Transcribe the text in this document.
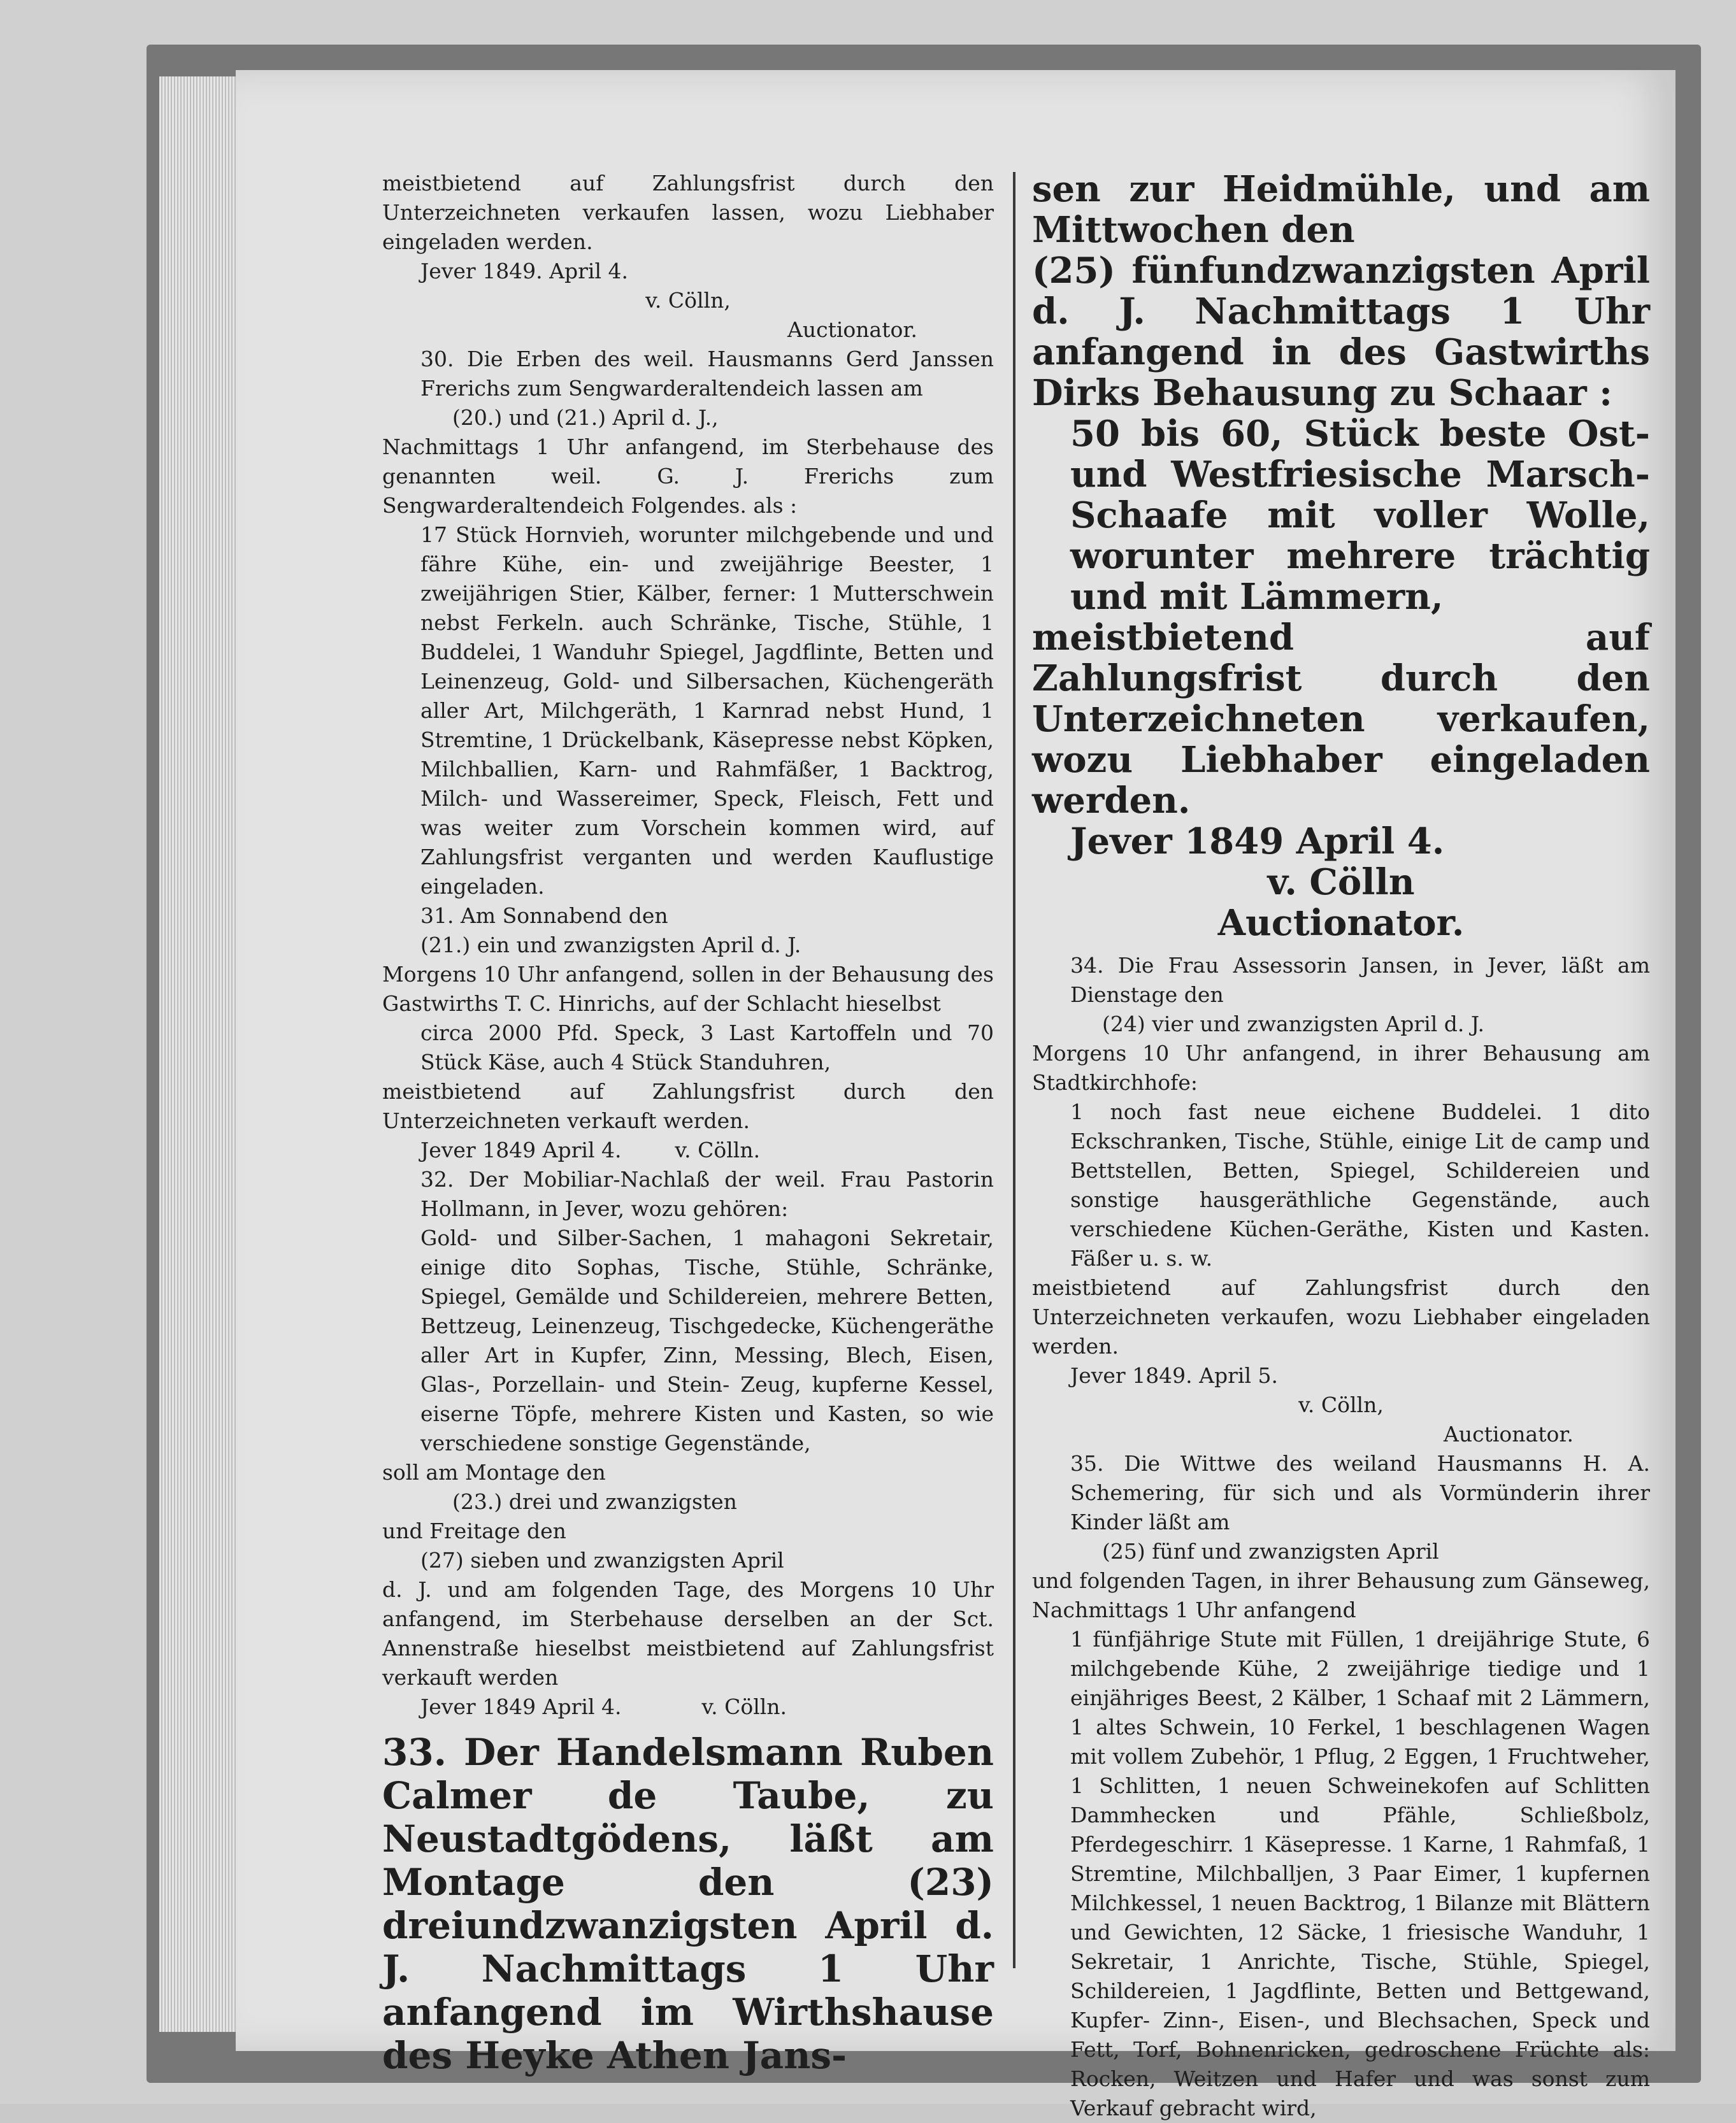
meistbietend auf Zahlungsfrist durch den Unterzeichneten verkaufen lassen, wozu Liebhaber eingeladen werden.

Jever 1849. April 4.

v. Cölln,

Auctionator.

30. Die Erben des weil. Hausmanns Gerd Janssen Frerichs zum Sengwarderaltendeich lassen am

(20.) und (21.) April d. J.,

Nachmittags 1 Uhr anfangend, im Sterbehause des genannten weil. G. J. Frerichs zum Sengwarderaltendeich Folgendes. als :

17 Stück Hornvieh, worunter milchgebende und und fähre Kühe, ein- und zweijährige Beester, 1 zweijährigen Stier, Kälber, ferner: 1 Mutterschwein nebst Ferkeln. auch Schränke, Tische, Stühle, 1 Buddelei, 1 Wanduhr Spiegel, Jagdflinte, Betten und Leinenzeug, Gold- und Silbersachen, Küchengeräth aller Art, Milchgeräth, 1 Karnrad nebst Hund, 1 Stremtine, 1 Drückelbank, Käsepresse nebst Köpken, Milchballien, Karn- und Rahmfäßer, 1 Backtrog, Milch- und Wassereimer, Speck, Fleisch, Fett und was weiter zum Vorschein kommen wird, auf Zahlungsfrist verganten und werden Kauflustige eingeladen.

31. Am Sonnabend den

(21.) ein und zwanzigsten April d. J.

Morgens 10 Uhr anfangend, sollen in der Behausung des Gastwirths T. C. Hinrichs, auf der Schlacht hieselbst

circa 2000 Pfd. Speck, 3 Last Kartoffeln und 70 Stück Käse, auch 4 Stück Standuhren,

meistbietend auf Zahlungsfrist durch den Unterzeichneten verkauft werden.

Jever 1849 April 4.	v. Cölln.

32. Der Mobiliar-Nachlaß der weil. Frau Pastorin Hollmann, in Jever, wozu gehören:

Gold- und Silber-Sachen, 1 mahagoni Sekretair, einige dito Sophas, Tische, Stühle, Schränke, Spiegel, Gemälde und Schildereien, mehrere Betten, Bettzeug, Leinenzeug, Tischgedecke, Küchengeräthe aller Art in Kupfer, Zinn, Messing, Blech, Eisen, Glas-, Porzellain- und Stein- Zeug, kupferne Kessel, eiserne Töpfe, mehrere Kisten und Kasten, so wie verschiedene sonstige Gegenstände,

soll am Montage den

(23.) drei und zwanzigsten

und Freitage den

(27) sieben und zwanzigsten April

d. J. und am folgenden Tage, des Morgens 10 Uhr anfangend, im Sterbehause derselben an der Sct. Annenstraße hieselbst meistbietend auf Zahlungsfrist verkauft werden

Jever 1849 April 4.	v. Cölln.

33. Der Handelsmann Ruben Calmer de Taube, zu Neustadtgödens, läßt am Montage den (23) dreiundzwanzigsten April d. J. Nachmittags 1 Uhr anfangend im Wirthshause des Heyke Athen Jans-

sen zur Heidmühle, und am Mittwochen den

(25) fünfundzwanzigsten April d. J. Nachmittags 1 Uhr anfangend in des Gastwirths Dirks Behausung zu Schaar :

50 bis 60, Stück beste Ost- und Westfriesische Marsch-Schaafe mit voller Wolle, worunter mehrere trächtig und mit Lämmern,

meistbietend auf Zahlungsfrist durch den Unterzeichneten verkaufen, wozu Liebhaber eingeladen werden.

Jever 1849 April 4.

v. Cölln

Auctionator.

34. Die Frau Assessorin Jansen, in Jever, läßt am Dienstage den

(24) vier und zwanzigsten April d. J.

Morgens 10 Uhr anfangend, in ihrer Behausung am Stadtkirchhofe:

1 noch fast neue eichene Buddelei. 1 dito Eckschranken, Tische, Stühle, einige Lit de camp und Bettstellen, Betten, Spiegel, Schildereien und sonstige hausgeräthliche Gegenstände, auch verschiedene Küchen-Geräthe, Kisten und Kasten. Fäßer u. s. w.

meistbietend auf Zahlungsfrist durch den Unterzeichneten verkaufen, wozu Liebhaber eingeladen werden.

Jever 1849. April 5.

v. Cölln,

Auctionator.

35. Die Wittwe des weiland Hausmanns H. A. Schemering, für sich und als Vormünderin ihrer Kinder läßt am

(25) fünf und zwanzigsten April

und folgenden Tagen, in ihrer Behausung zum Gänseweg, Nachmittags 1 Uhr anfangend

1 fünfjährige Stute mit Füllen, 1 dreijährige Stute, 6 milchgebende Kühe, 2 zweijährige tiedige und 1 einjähriges Beest, 2 Kälber, 1 Schaaf mit 2 Lämmern, 1 altes Schwein, 10 Ferkel, 1 beschlagenen Wagen mit vollem Zubehör, 1 Pflug, 2 Eggen, 1 Fruchtweher, 1 Schlitten, 1 neuen Schweinekofen auf Schlitten Dammhecken und Pfähle, Schließbolz, Pferdegeschirr. 1 Käsepresse. 1 Karne, 1 Rahmfaß, 1 Stremtine, Milchballjen, 3 Paar Eimer, 1 kupfernen Milchkessel, 1 neuen Backtrog, 1 Bilanze mit Blättern und Gewichten, 12 Säcke, 1 friesische Wanduhr, 1 Sekretair, 1 Anrichte, Tische, Stühle, Spiegel, Schildereien, 1 Jagdflinte, Betten und Bettgewand, Kupfer- Zinn-, Eisen-, und Blechsachen, Speck und Fett, Torf, Bohnenricken, gedroschene Früchte als: Rocken, Weitzen und Hafer und was sonst zum Verkauf gebracht wird,
